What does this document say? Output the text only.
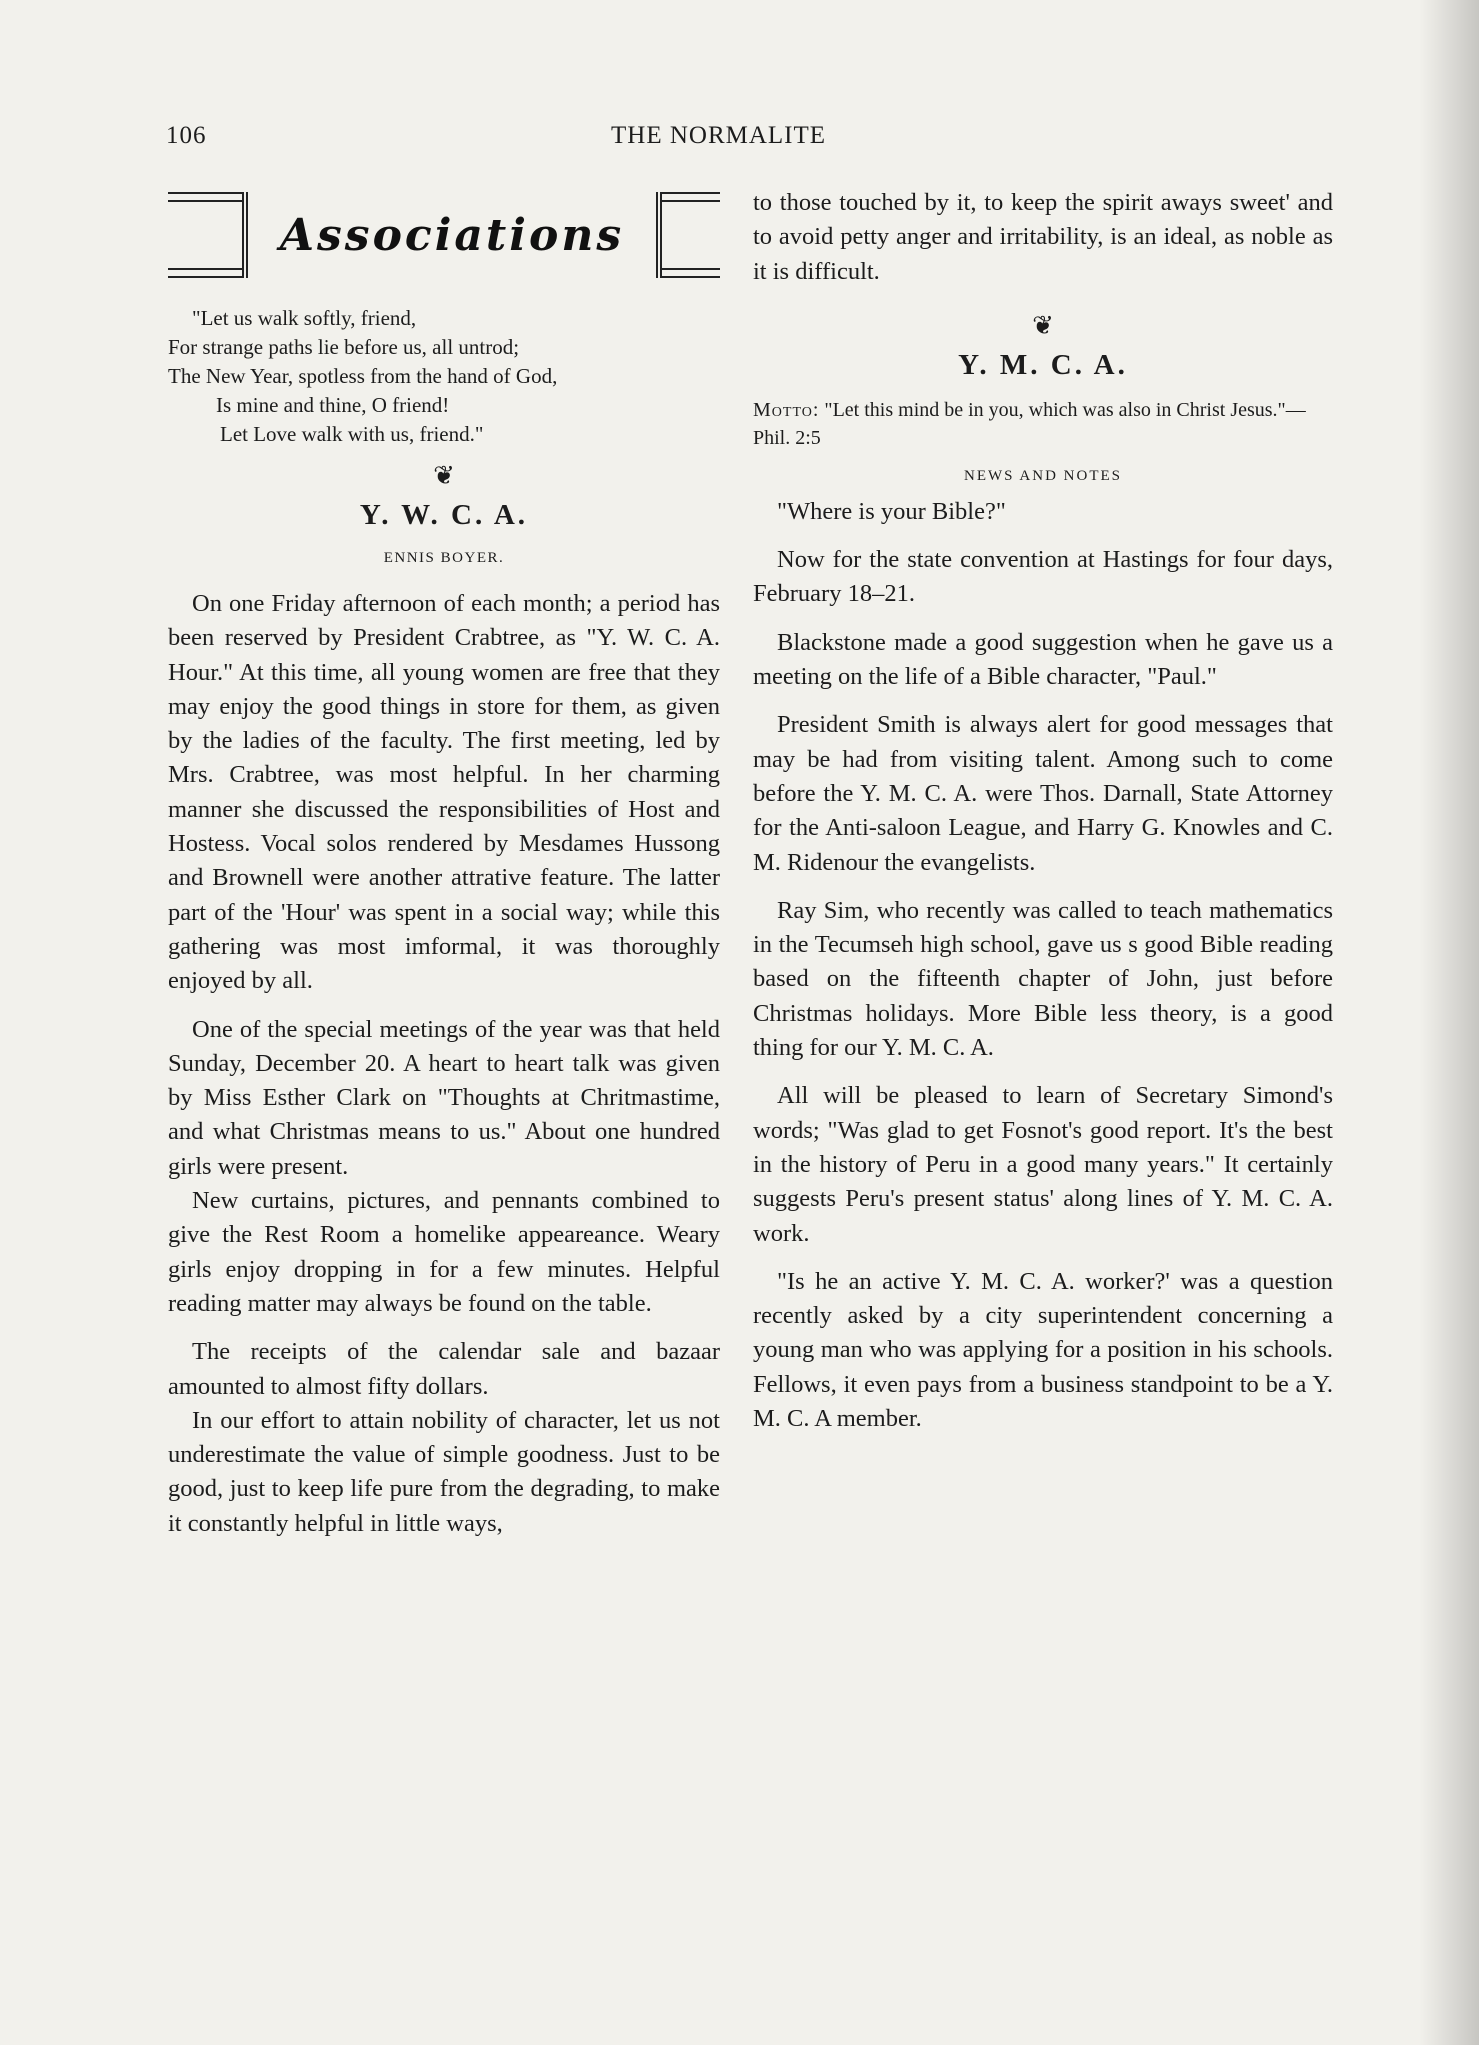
106	THE NORMALITE
Associations
"Let us walk softly, friend,
For strange paths lie before us, all untrod;
The New Year, spotless from the hand of God,
Is mine and thine, O friend!
Let Love walk with us, friend."
❦
Y. W. C. A.
ENNIS BOYER.

On one Friday afternoon of each month; a period has been reserved by President Crabtree, as "Y. W. C. A. Hour." At this time, all young women are free that they may enjoy the good things in store for them, as given by the ladies of the faculty. The first meeting, led by Mrs. Crabtree, was most helpful. In her charming manner she discussed the responsibilities of Host and Hostess. Vocal solos rendered by Mesdames Hussong and Brownell were another attrative feature. The latter part of the 'Hour' was spent in a social way; while this gathering was most imformal, it was thoroughly enjoyed by all.

One of the special meetings of the year was that held Sunday, December 20. A heart to heart talk was given by Miss Esther Clark on "Thoughts at Chritmastime, and what Christmas means to us." About one hundred girls were present.

New curtains, pictures, and pennants combined to give the Rest Room a homelike appeareance. Weary girls enjoy dropping in for a few minutes. Helpful reading matter may always be found on the table.

The receipts of the calendar sale and bazaar amounted to almost fifty dollars.

In our effort to attain nobility of character, let us not underestimate the value of simple goodness. Just to be good, just to keep life pure from the degrading, to make it constantly helpful in little ways,

to those touched by it, to keep the spirit aways sweet' and to avoid petty anger and irritability, is an ideal, as noble as it is difficult.

❦
Y. M. C. A.
Motto: "Let this mind be in you, which was also in Christ Jesus."—Phil. 2:5
NEWS AND NOTES

"Where is your Bible?"

Now for the state convention at Hastings for four days, February 18–21.

Blackstone made a good suggestion when he gave us a meeting on the life of a Bible character, "Paul."

President Smith is always alert for good messages that may be had from visiting talent. Among such to come before the Y. M. C. A. were Thos. Darnall, State Attorney for the Anti-saloon League, and Harry G. Knowles and C. M. Ridenour the evangelists.

Ray Sim, who recently was called to teach mathematics in the Tecumseh high school, gave us s good Bible reading based on the fifteenth chapter of John, just before Christmas holidays. More Bible less theory, is a good thing for our Y. M. C. A.

All will be pleased to learn of Secretary Simond's words; "Was glad to get Fosnot's good report. It's the best in the history of Peru in a good many years." It certainly suggests Peru's present status' along lines of Y. M. C. A. work.

"Is he an active Y. M. C. A. worker?' was a question recently asked by a city superintendent concerning a young man who was applying for a position in his schools. Fellows, it even pays from a business standpoint to be a Y. M. C. A member.
